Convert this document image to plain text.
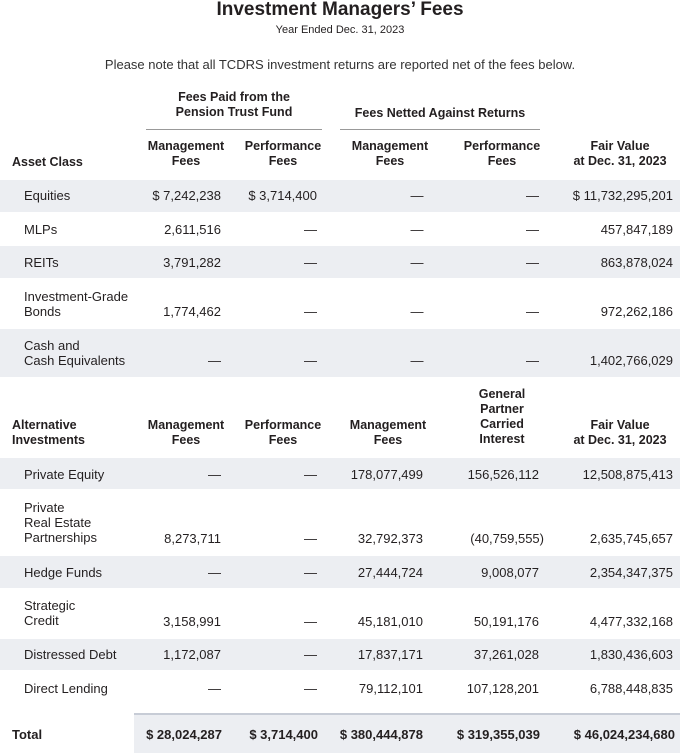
Investment Managers’ Fees
Year Ended Dec. 31, 2023
Please note that all TCDRS investment returns are reported net of the fees below.
Fees Paid from the
Pension Trust Fund	Fees Netted Against Returns
Asset Class
Management
Fees
Performance
Fees
Management
Fees
Performance
Fees
Fair Value
at Dec. 31, 2023
Equities	$ 7,242,238	$ 3,714,400	—	—	$ 11,732,295,201
MLPs	2,611,516	—	—	—	457,847,189
REITs	3,791,282	—	—	—	863,878,024
Investment-Grade
Bonds	1,774,462	—	—	—	972,262,186
Cash and
Cash Equivalents	—	—	—	—	1,402,766,029
Alternative
Investments
Management
Fees
Performance
Fees
Management
Fees
General
Partner
Carried
Interest
Fair Value
at Dec. 31, 2023
Private Equity	—	—	178,077,499	156,526,112	12,508,875,413
Private
Real Estate
Partnerships	8,273,711	—	32,792,373	(40,759,555)	2,635,745,657
Hedge Funds	—	—	27,444,724	9,008,077	2,354,347,375
Strategic
Credit	3,158,991	—	45,181,010	50,191,176	4,477,332,168
Distressed Debt	1,172,087	—	17,837,171	37,261,028	1,830,436,603
Direct Lending	—	—	79,112,101	107,128,201	6,788,448,835
Total	$ 28,024,287	$ 3,714,400	$ 380,444,878	$ 319,355,039	$ 46,024,234,680
